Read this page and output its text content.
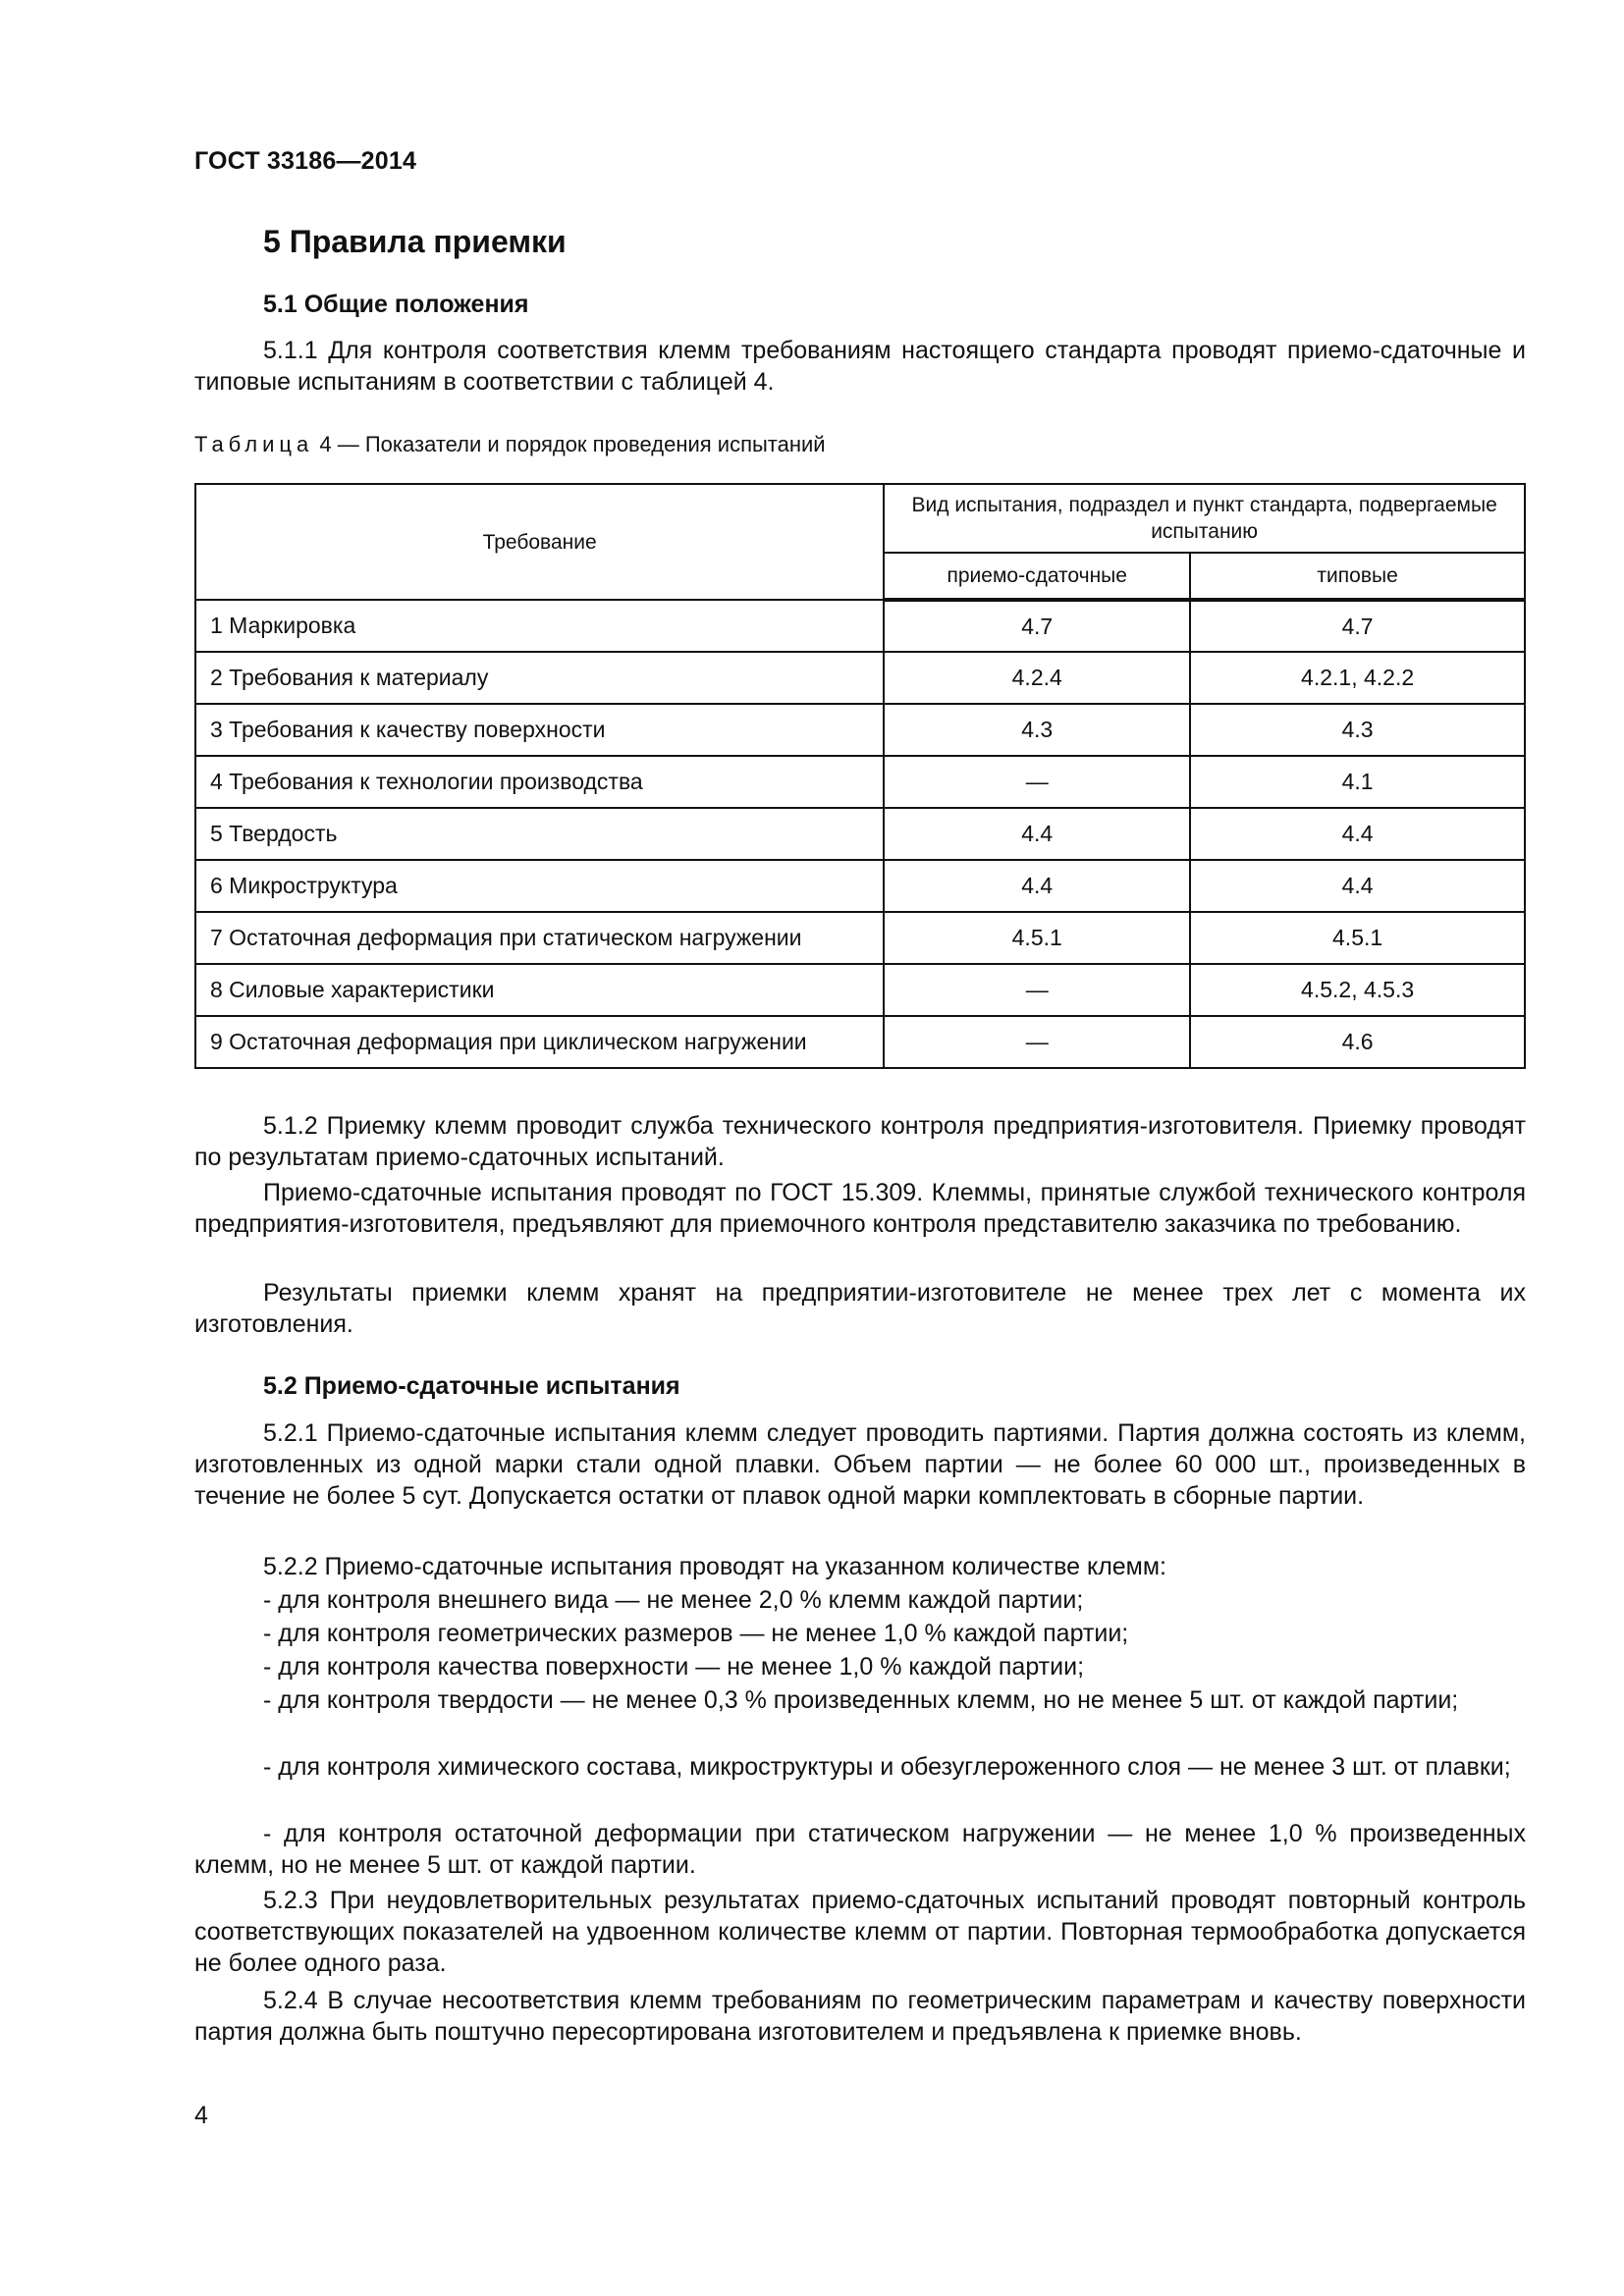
ГОСТ 33186—2014
5 Правила приемки
5.1 Общие положения
5.1.1 Для контроля соответствия клемм требованиям настоящего стандарта проводят приемо-сдаточные и типовые испытаниям в соответствии с таблицей 4.
Таблица 4 — Показатели и порядок проведения испытаний
Требование	Вид испытания, подраздел и пункт стандарта, подвергаемые испытанию	
	приемо-сдаточные	типовые
1 Маркировка	4.7	4.7
2 Требования к материалу	4.2.4	4.2.1, 4.2.2
3 Требования к качеству поверхности	4.3	4.3
4 Требования к технологии производства	—	4.1
5 Твердость	4.4	4.4
6 Микроструктура	4.4	4.4
7 Остаточная деформация при статическом нагружении	4.5.1	4.5.1
8 Силовые характеристики	—	4.5.2, 4.5.3
9 Остаточная деформация при циклическом нагружении	—	4.6
5.1.2 Приемку клемм проводит служба технического контроля предприятия-изготовителя. Приемку проводят по результатам приемо-сдаточных испытаний.
Приемо-сдаточные испытания проводят по ГОСТ 15.309. Клеммы, принятые службой технического контроля предприятия-изготовителя, предъявляют для приемочного контроля представителю заказчика по требованию.
Результаты приемки клемм хранят на предприятии-изготовителе не менее трех лет с момента их изготовления.
5.2 Приемо-сдаточные испытания
5.2.1 Приемо-сдаточные испытания клемм следует проводить партиями. Партия должна состоять из клемм, изготовленных из одной марки стали одной плавки. Объем партии — не более 60 000 шт., произведенных в течение не более 5 сут. Допускается остатки от плавок одной марки комплектовать в сборные партии.
5.2.2 Приемо-сдаточные испытания проводят на указанном количестве клемм:
- для контроля внешнего вида — не менее 2,0 % клемм каждой партии;
- для контроля геометрических размеров — не менее 1,0 % каждой партии;
- для контроля качества поверхности — не менее 1,0 % каждой партии;
- для контроля твердости — не менее 0,3 % произведенных клемм, но не менее 5 шт. от каждой партии;
- для контроля химического состава, микроструктуры и обезуглероженного слоя — не менее 3 шт. от плавки;
- для контроля остаточной деформации при статическом нагружении — не менее 1,0 % произведенных клемм, но не менее 5 шт. от каждой партии.
5.2.3 При неудовлетворительных результатах приемо-сдаточных испытаний проводят повторный контроль соответствующих показателей на удвоенном количестве клемм от партии. Повторная термообработка допускается не более одного раза.
5.2.4 В случае несоответствия клемм требованиям по геометрическим параметрам и качеству поверхности партия должна быть поштучно пересортирована изготовителем и предъявлена к приемке вновь.
4
